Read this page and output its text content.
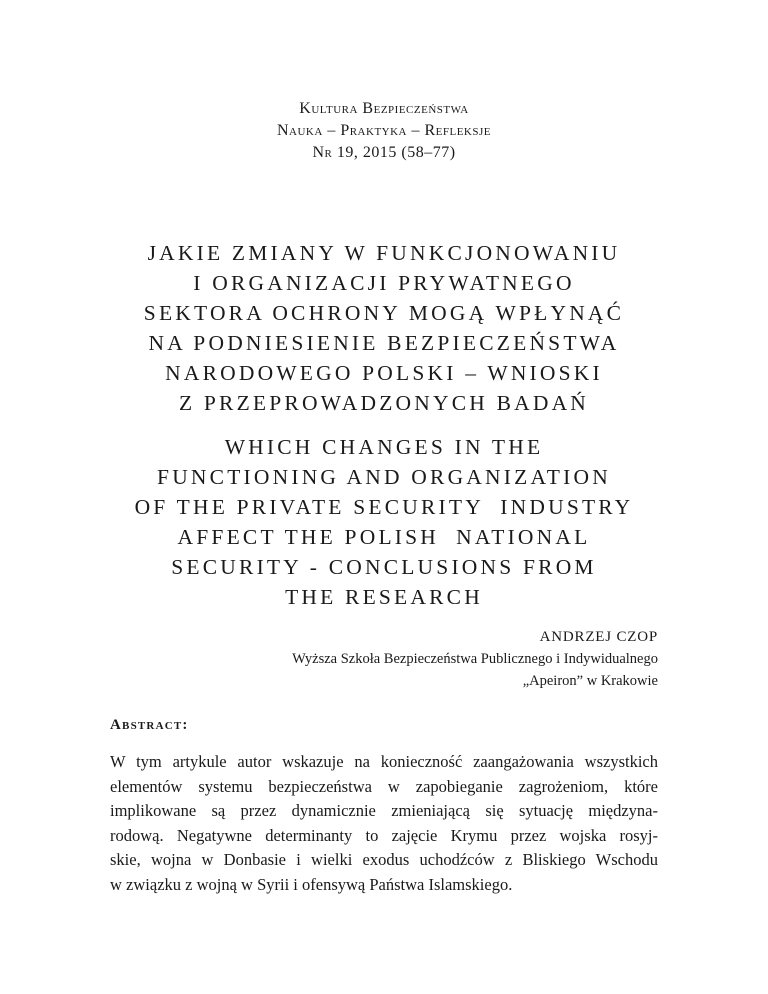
Kultura Bezpieczeństwa
Nauka – Praktyka – Refleksje
Nr 19, 2015 (58–77)
JAKIE ZMIANY W FUNKCJONOWANIU
I ORGANIZACJI PRYWATNEGO
SEKTORA OCHRONY MOGĄ WPŁYNĄĆ
NA PODNIESIENIE BEZPIECZEŃSTWA
NARODOWEGO POLSKI – WNIOSKI
Z PRZEPROWADZONYCH BADAŃ
WHICH CHANGES IN THE
FUNCTIONING AND ORGANIZATION
OF THE PRIVATE SECURITY  INDUSTRY
AFFECT THE POLISH  NATIONAL
SECURITY - CONCLUSIONS FROM
THE RESEARCH
ANDRZEJ CZOP
Wyższa Szkoła Bezpieczeństwa Publicznego i Indywidualnego
„Apeiron” w Krakowie
Abstract:
W tym artykule autor wskazuje na konieczność zaangażowania wszystkich
elementów systemu bezpieczeństwa w zapobieganie zagrożeniom, które
implikowane są przez dynamicznie zmieniającą się sytuację międzyna-
rodową. Negatywne determinanty to zajęcie Krymu przez wojska rosyj-
skie, wojna w Donbasie i wielki exodus uchodźców z Bliskiego Wschodu
w związku z wojną w Syrii i ofensywą Państwa Islamskiego.
